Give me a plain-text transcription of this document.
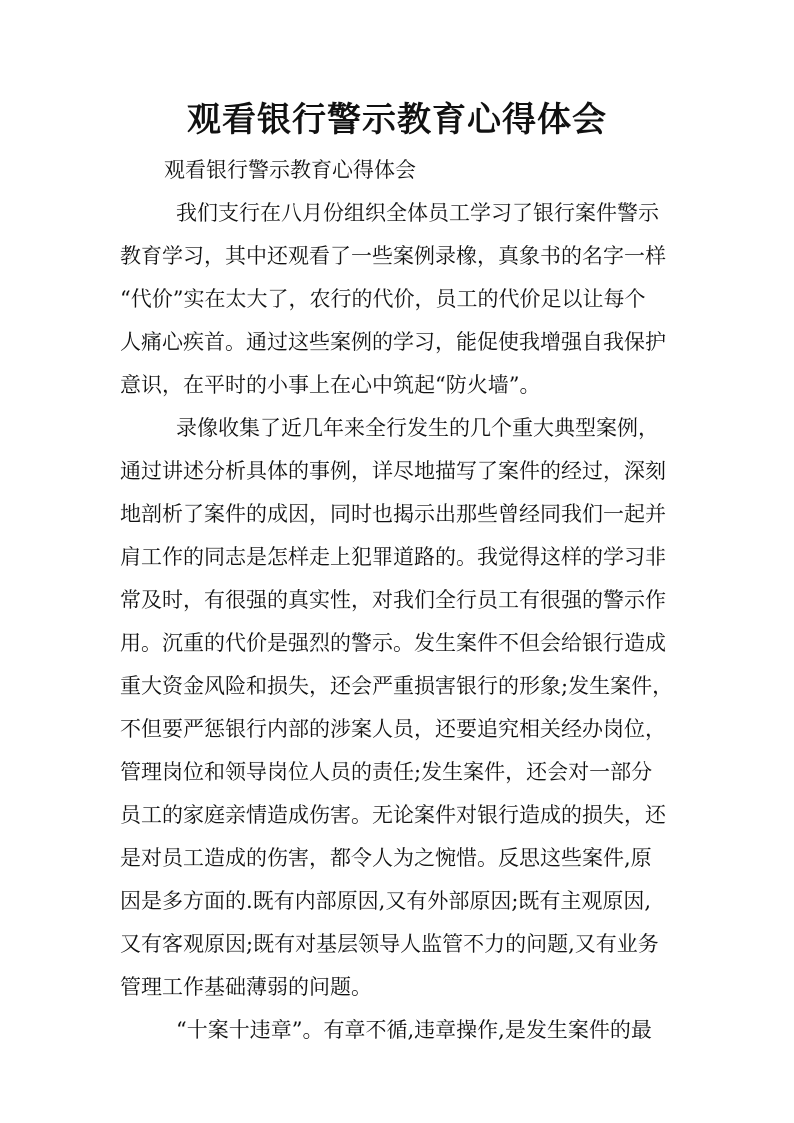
观看银行警示教育心得体会
观看银行警示教育心得体会
我们支行在八月份组织全体员工学习了银行案件警示
教育学习，其中还观看了一些案例录橡，真象书的名字一样
“代价”实在太大了，农行的代价，员工的代价足以让每个
人痛心疾首。通过这些案例的学习，能促使我增强自我保护
意识，在平时的小事上在心中筑起“防火墙”。
录像收集了近几年来全行发生的几个重大典型案例，
通过讲述分析具体的事例，详尽地描写了案件的经过，深刻
地剖析了案件的成因，同时也揭示出那些曾经同我们一起并
肩工作的同志是怎样走上犯罪道路的。我觉得这样的学习非
常及时，有很强的真实性，对我们全行员工有很强的警示作
用。沉重的代价是强烈的警示。发生案件不但会给银行造成
重大资金风险和损失，还会严重损害银行的形象;发生案件，
不但要严惩银行内部的涉案人员，还要追究相关经办岗位，
管理岗位和领导岗位人员的责任;发生案件，还会对一部分
员工的家庭亲情造成伤害。无论案件对银行造成的损失，还
是对员工造成的伤害，都令人为之惋惜。反思这些案件,原
因是多方面的.既有内部原因,又有外部原因;既有主观原因,
又有客观原因;既有对基层领导人监管不力的问题,又有业务
管理工作基础薄弱的问题。
“十案十违章”。有章不循,违章操作,是发生案件的最
